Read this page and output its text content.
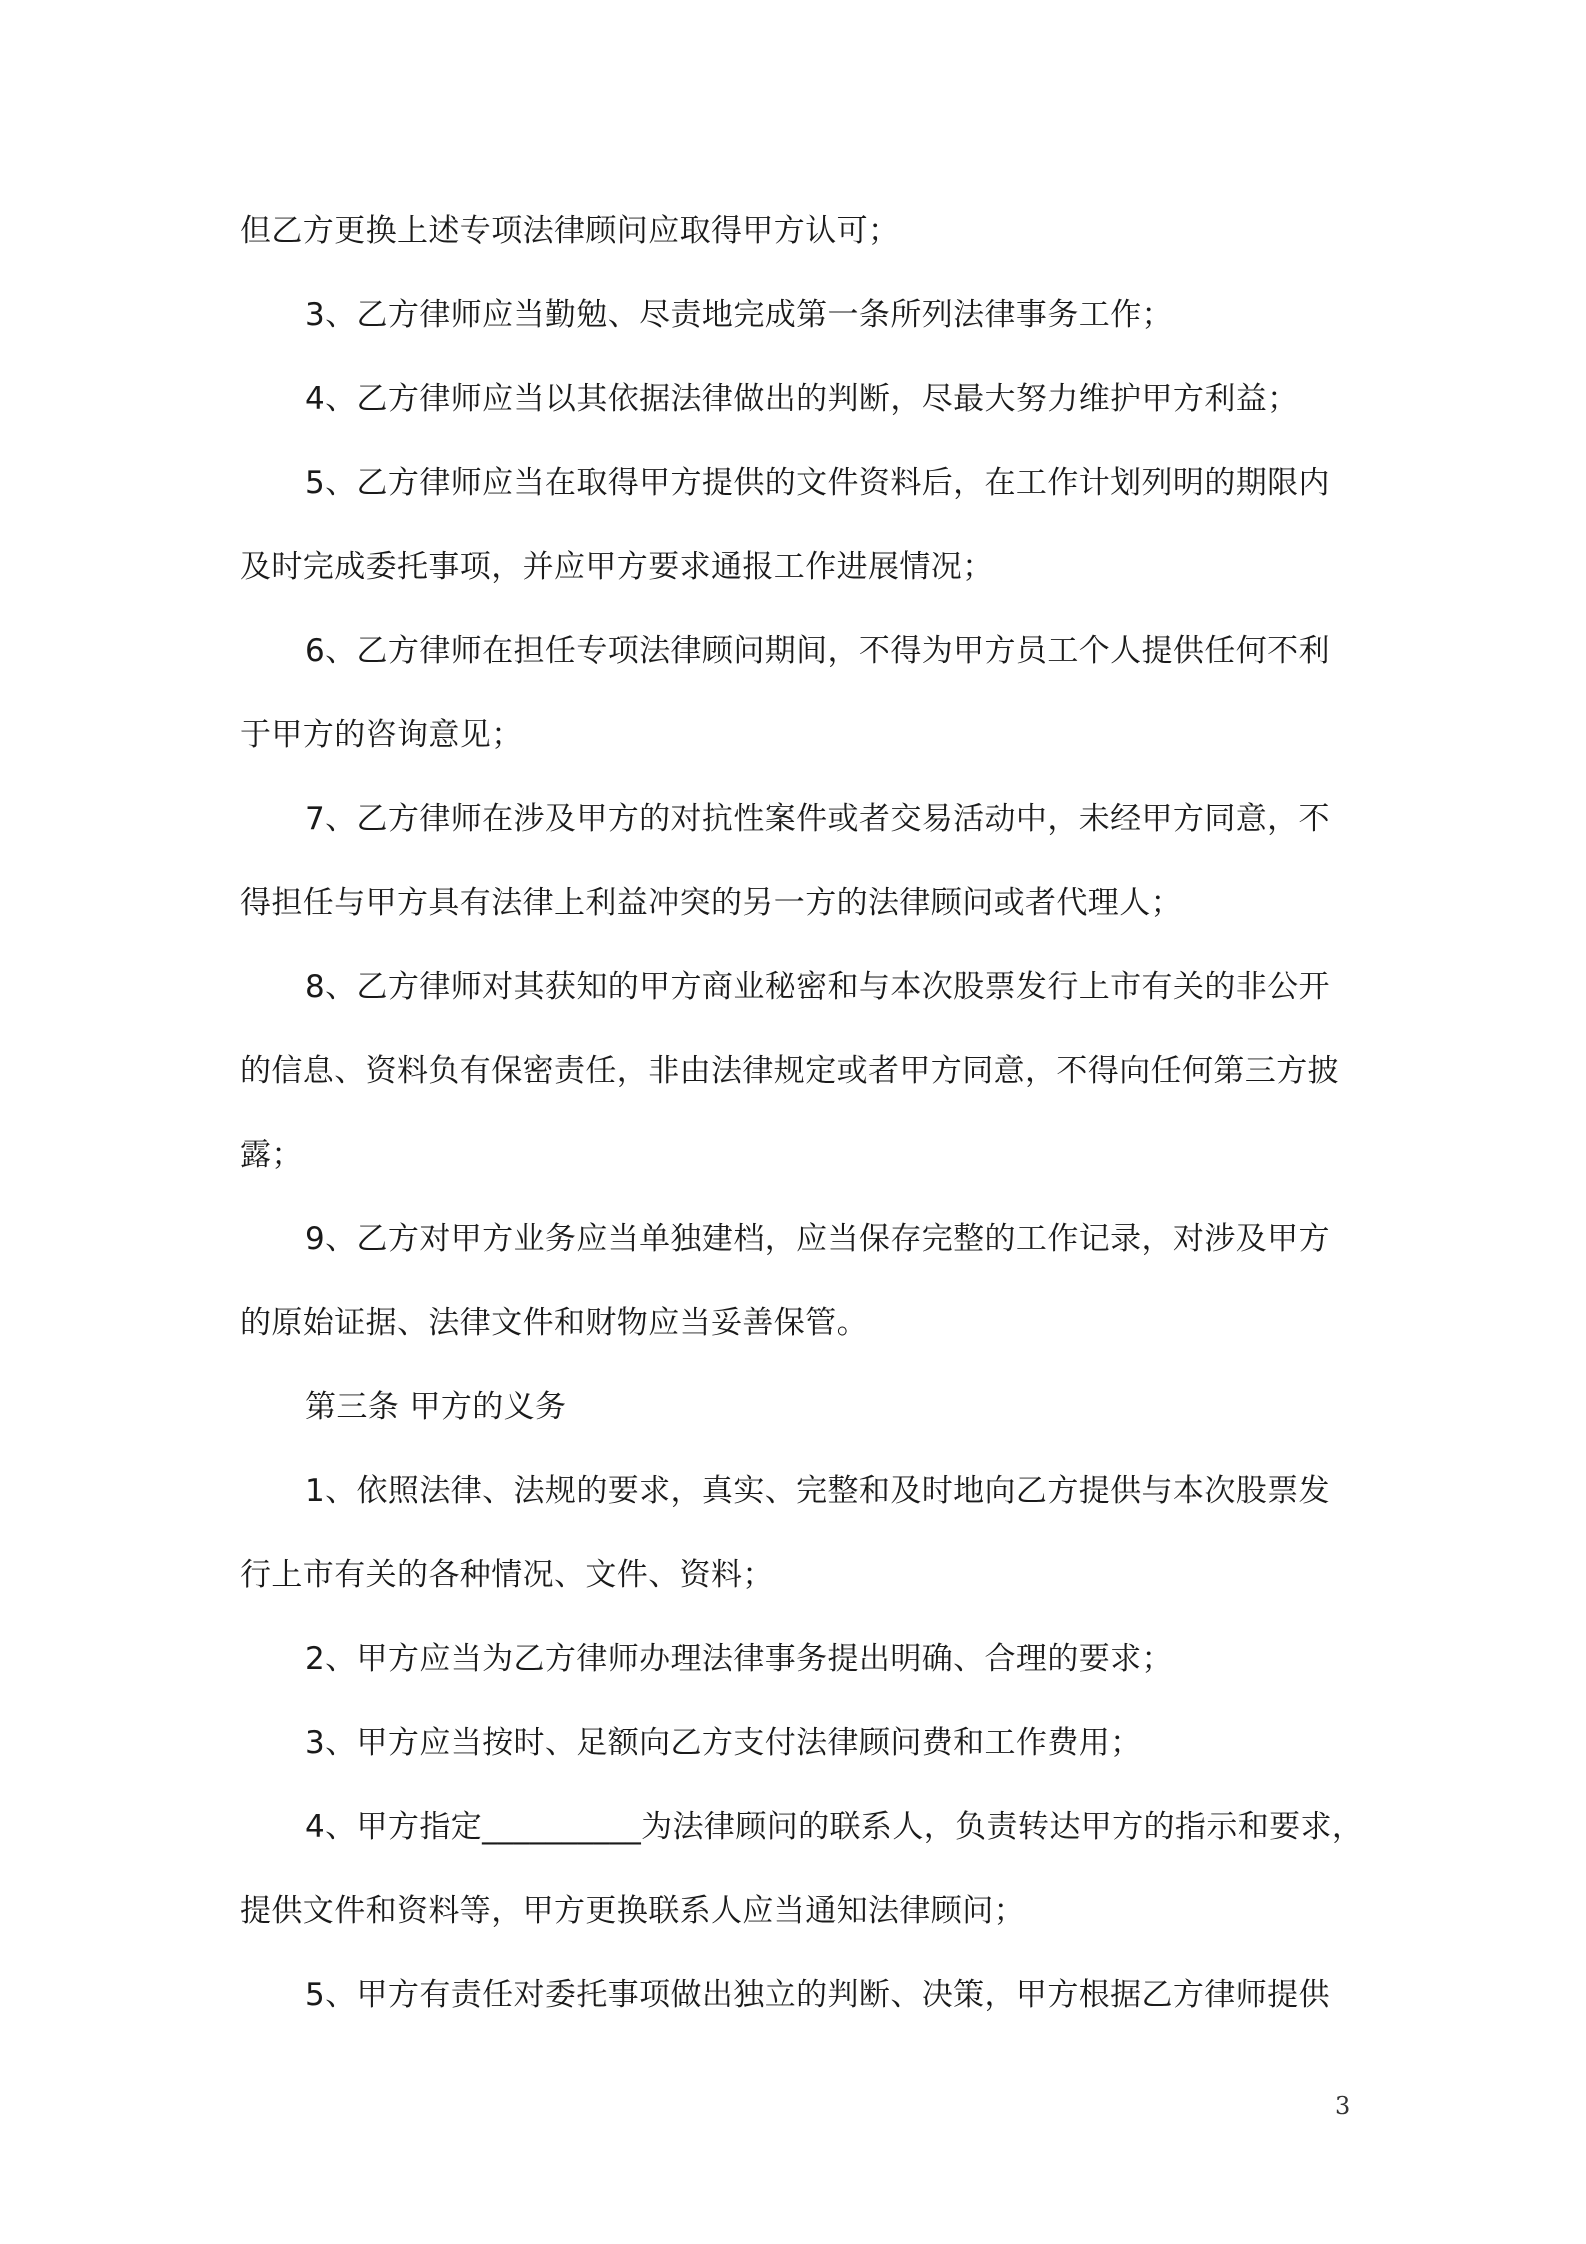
但乙方更换上述专项法律顾问应取得甲方认可；
3、乙方律师应当勤勉、尽责地完成第一条所列法律事务工作；
4、乙方律师应当以其依据法律做出的判断，尽最大努力维护甲方利益；
5、乙方律师应当在取得甲方提供的文件资料后，在工作计划列明的期限内
及时完成委托事项，并应甲方要求通报工作进展情况；
6、乙方律师在担任专项法律顾问期间，不得为甲方员工个人提供任何不利
于甲方的咨询意见；
7、乙方律师在涉及甲方的对抗性案件或者交易活动中，未经甲方同意，不
得担任与甲方具有法律上利益冲突的另一方的法律顾问或者代理人；
8、乙方律师对其获知的甲方商业秘密和与本次股票发行上市有关的非公开
的信息、资料负有保密责任，非由法律规定或者甲方同意，不得向任何第三方披
露；
9、乙方对甲方业务应当单独建档，应当保存完整的工作记录，对涉及甲方
的原始证据、法律文件和财物应当妥善保管。
第三条 甲方的义务
1、依照法律、法规的要求，真实、完整和及时地向乙方提供与本次股票发
行上市有关的各种情况、文件、资料；
2、甲方应当为乙方律师办理法律事务提出明确、合理的要求；
3、甲方应当按时、足额向乙方支付法律顾问费和工作费用；
4、甲方指定__________为法律顾问的联系人，负责转达甲方的指示和要求，
提供文件和资料等，甲方更换联系人应当通知法律顾问；
5、甲方有责任对委托事项做出独立的判断、决策，甲方根据乙方律师提供
3
